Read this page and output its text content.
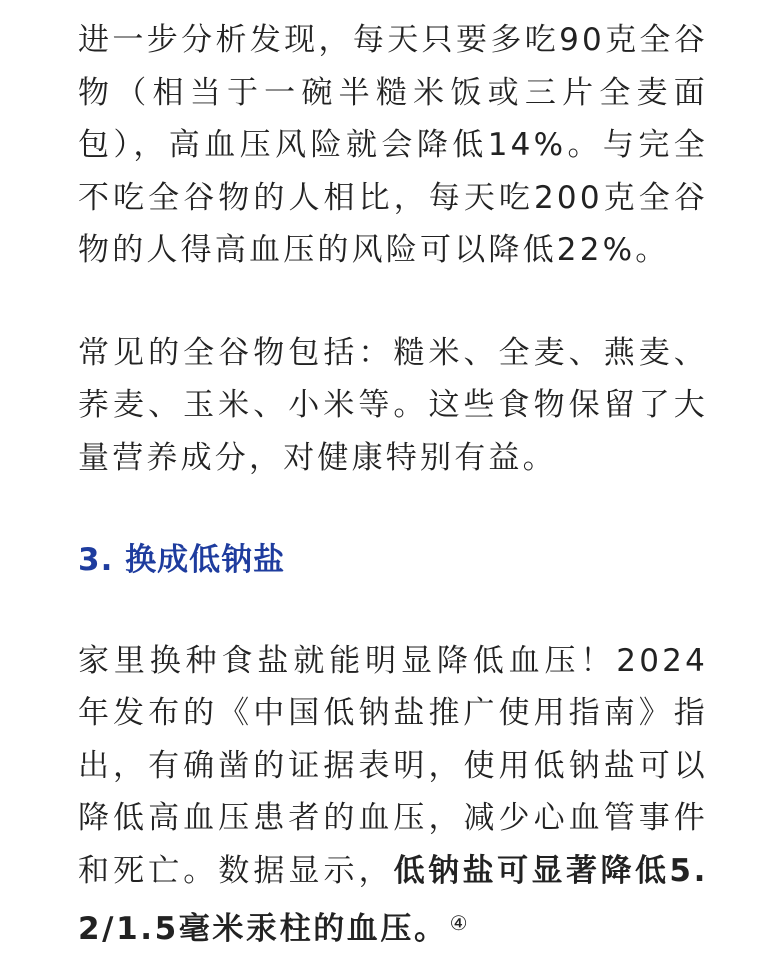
进一步分析发现，每天只要多吃90克全谷物（相当于一碗半糙米饭或三片全麦面包），高血压风险就会降低14%。与完全不吃全谷物的人相比，每天吃200克全谷物的人得高血压的风险可以降低22%。

常见的全谷物包括：糙米、全麦、燕麦、荞麦、玉米、小米等。这些食物保留了大量营养成分，对健康特别有益。

3. 换成低钠盐

家里换种食盐就能明显降低血压！2024年发布的《中国低钠盐推广使用指南》指出，有确凿的证据表明，使用低钠盐可以降低高血压患者的血压，减少心血管事件和死亡。数据显示，低钠盐可显著降低5.2/1.5毫米汞柱的血压。 ④
